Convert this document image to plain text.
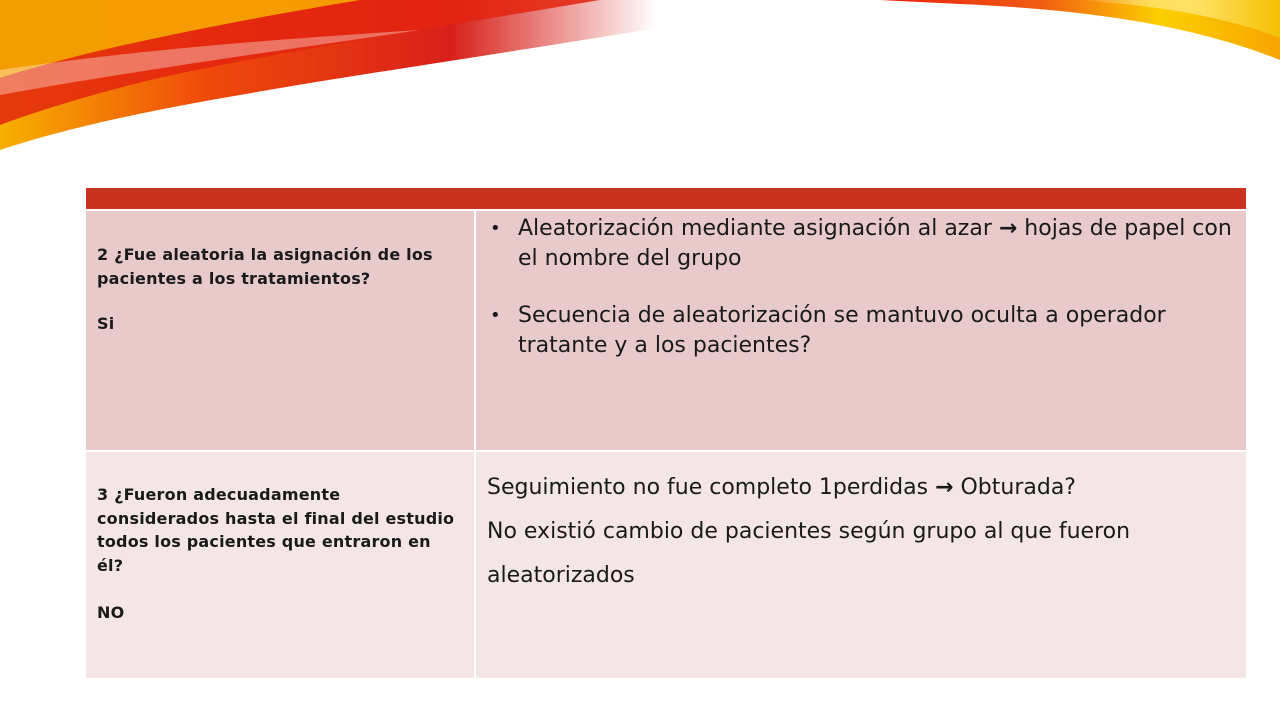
2 ¿Fue aleatoria la asignación de los pacientes a los tratamientos?
Si
• Aleatorización mediante asignación al azar → hojas de papel con el nombre del grupo
• Secuencia de aleatorización se mantuvo oculta a operador tratante y a los pacientes?
3 ¿Fueron adecuadamente considerados hasta el final del estudio todos los pacientes que entraron en él?
NO
Seguimiento no fue completo 1perdidas → Obturada?
No existió cambio de pacientes según grupo al que fueron aleatorizados
